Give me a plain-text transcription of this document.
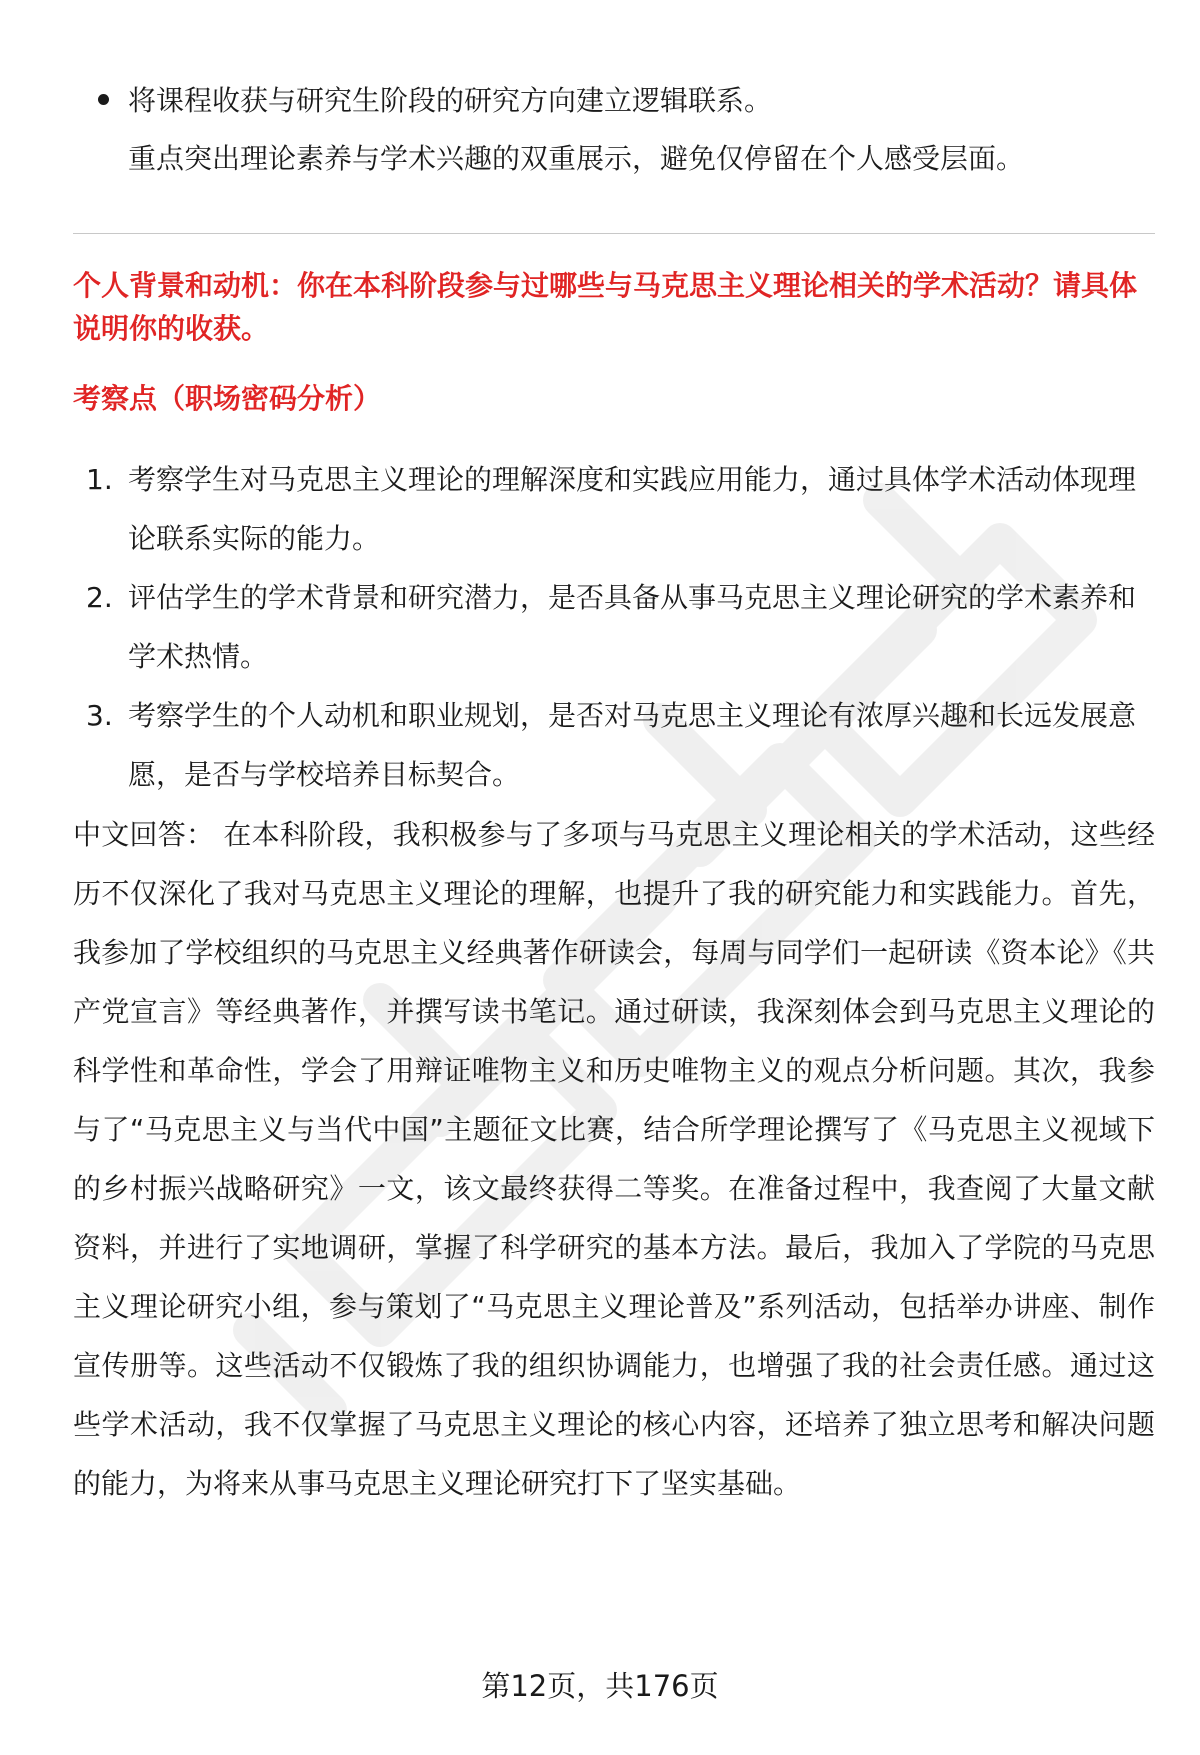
将课程收获与研究生阶段的研究方向建立逻辑联系。
重点突出理论素养与学术兴趣的双重展示，避免仅停留在个人感受层面。
个人背景和动机：你在本科阶段参与过哪些与马克思主义理论相关的学术活动？请具体说明你的收获。
考察点（职场密码分析）
1. 考察学生对马克思主义理论的理解深度和实践应用能力，通过具体学术活动体现理论联系实际的能力。
2. 评估学生的学术背景和研究潜力，是否具备从事马克思主义理论研究的学术素养和学术热情。
3. 考察学生的个人动机和职业规划，是否对马克思主义理论有浓厚兴趣和长远发展意愿，是否与学校培养目标契合。
中文回答： 在本科阶段，我积极参与了多项与马克思主义理论相关的学术活动，这些经历不仅深化了我对马克思主义理论的理解，也提升了我的研究能力和实践能力。首先，我参加了学校组织的马克思主义经典著作研读会，每周与同学们一起研读《资本论》《共产党宣言》等经典著作，并撰写读书笔记。通过研读，我深刻体会到马克思主义理论的科学性和革命性，学会了用辩证唯物主义和历史唯物主义的观点分析问题。其次，我参与了“马克思主义与当代中国”主题征文比赛，结合所学理论撰写了《马克思主义视域下的乡村振兴战略研究》一文，该文最终获得二等奖。在准备过程中，我查阅了大量文献资料，并进行了实地调研，掌握了科学研究的基本方法。最后，我加入了学院的马克思主义理论研究小组，参与策划了“马克思主义理论普及”系列活动，包括举办讲座、制作宣传册等。这些活动不仅锻炼了我的组织协调能力，也增强了我的社会责任感。通过这些学术活动，我不仅掌握了马克思主义理论的核心内容，还培养了独立思考和解决问题的能力，为将来从事马克思主义理论研究打下了坚实基础。
第12页，共176页
